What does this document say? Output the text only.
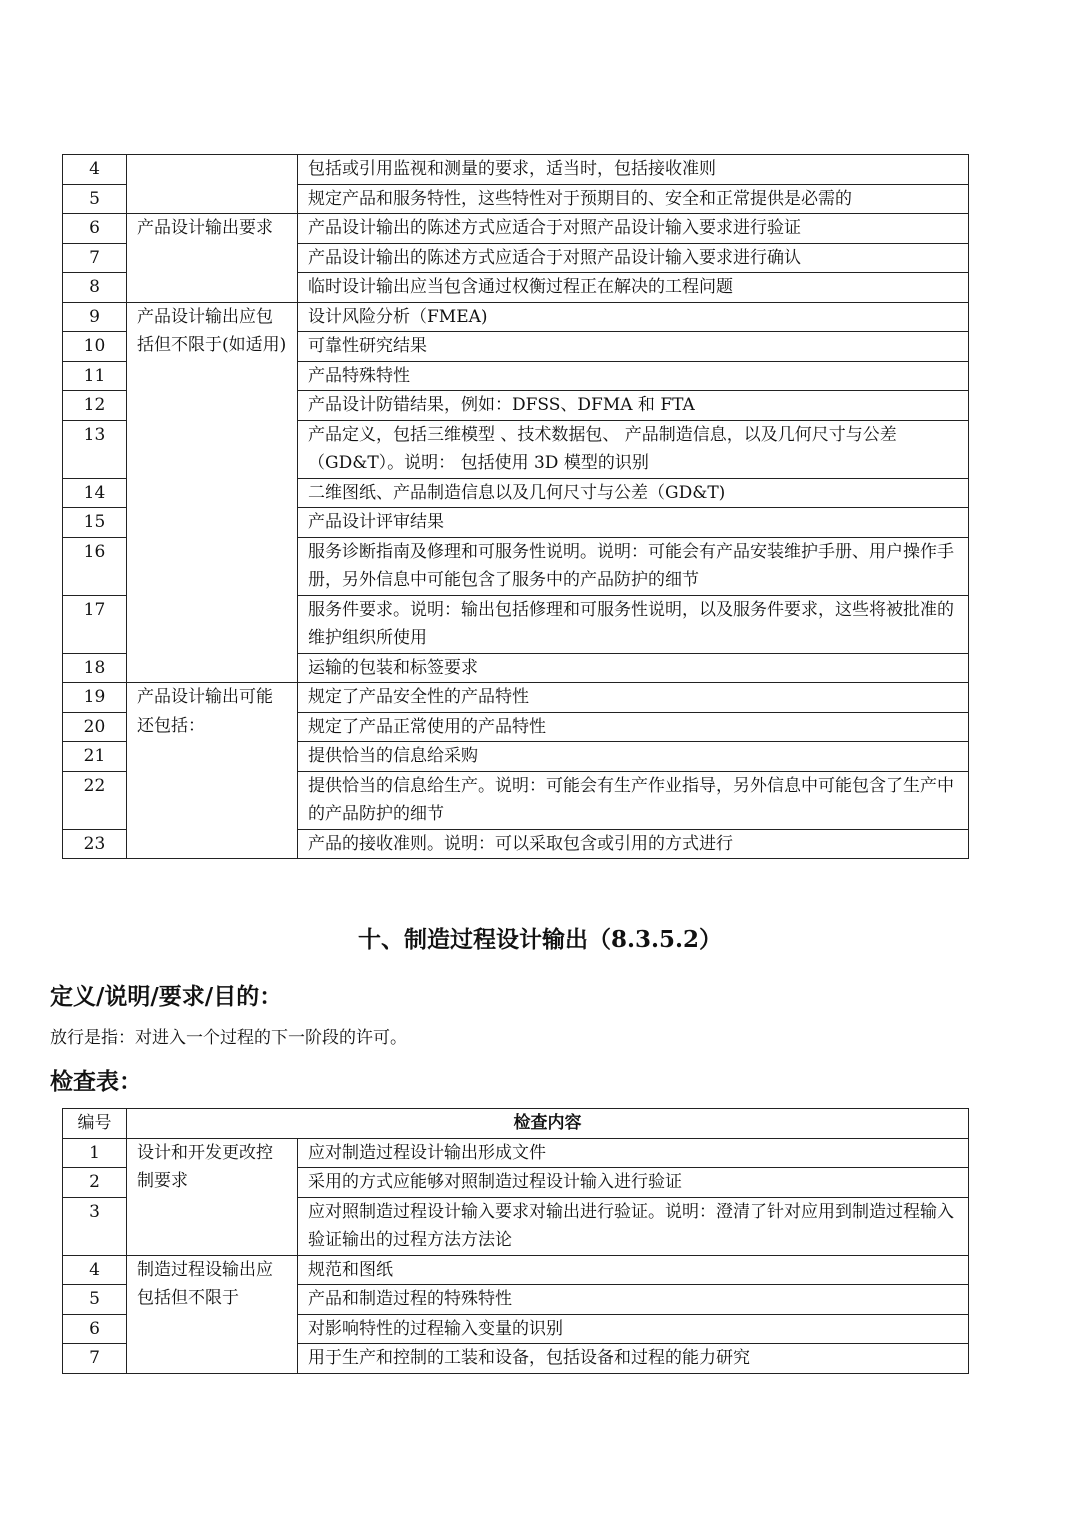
4		包括或引用监视和测量的要求，适当时，包括接收准则
5		规定产品和服务特性，这些特性对于预期目的、安全和正常提供是必需的
6	产品设计输出要求	产品设计输出的陈述方式应适合于对照产品设计输入要求进行验证
7		产品设计输出的陈述方式应适合于对照产品设计输入要求进行确认
8		临时设计输出应当包含通过权衡过程正在解决的工程问题
9	产品设计输出应包括但不限于(如适用)	设计风险分析（FMEA)
10		可靠性研究结果
11		产品特殊特性
12		产品设计防错结果，例如：DFSS、DFMA 和 FTA
13		产品定义，包括三维模型 、技术数据包、 产品制造信息，以及几何尺寸与公差（GD&T）。说明： 包括使用 3D 模型的识别
14		二维图纸、产品制造信息以及几何尺寸与公差（GD&T)
15		产品设计评审结果
16		服务诊断指南及修理和可服务性说明。说明：可能会有产品安装维护手册、用户操作手册，另外信息中可能包含了服务中的产品防护的细节
17		服务件要求。说明：输出包括修理和可服务性说明，以及服务件要求，这些将被批准的维护组织所使用
18		运输的包装和标签要求
19	产品设计输出可能还包括：	规定了产品安全性的产品特性
20		规定了产品正常使用的产品特性
21		提供恰当的信息给采购
22		提供恰当的信息给生产。说明：可能会有生产作业指导，另外信息中可能包含了生产中的产品防护的细节
23		产品的接收准则。说明：可以采取包含或引用的方式进行
十、制造过程设计输出（8.3.5.2）
定义/说明/要求/目的：
放行是指：对进入一个过程的下一阶段的许可。
检查表：
编号	检查内容	
1	设计和开发更改控制要求	应对制造过程设计输出形成文件
2		采用的方式应能够对照制造过程设计输入进行验证
3		应对照制造过程设计输入要求对输出进行验证。说明：澄清了针对应用到制造过程输入验证输出的过程方法方法论
4	制造过程设输出应包括但不限于	规范和图纸
5		产品和制造过程的特殊特性
6		对影响特性的过程输入变量的识别
7		用于生产和控制的工装和设备，包括设备和过程的能力研究
